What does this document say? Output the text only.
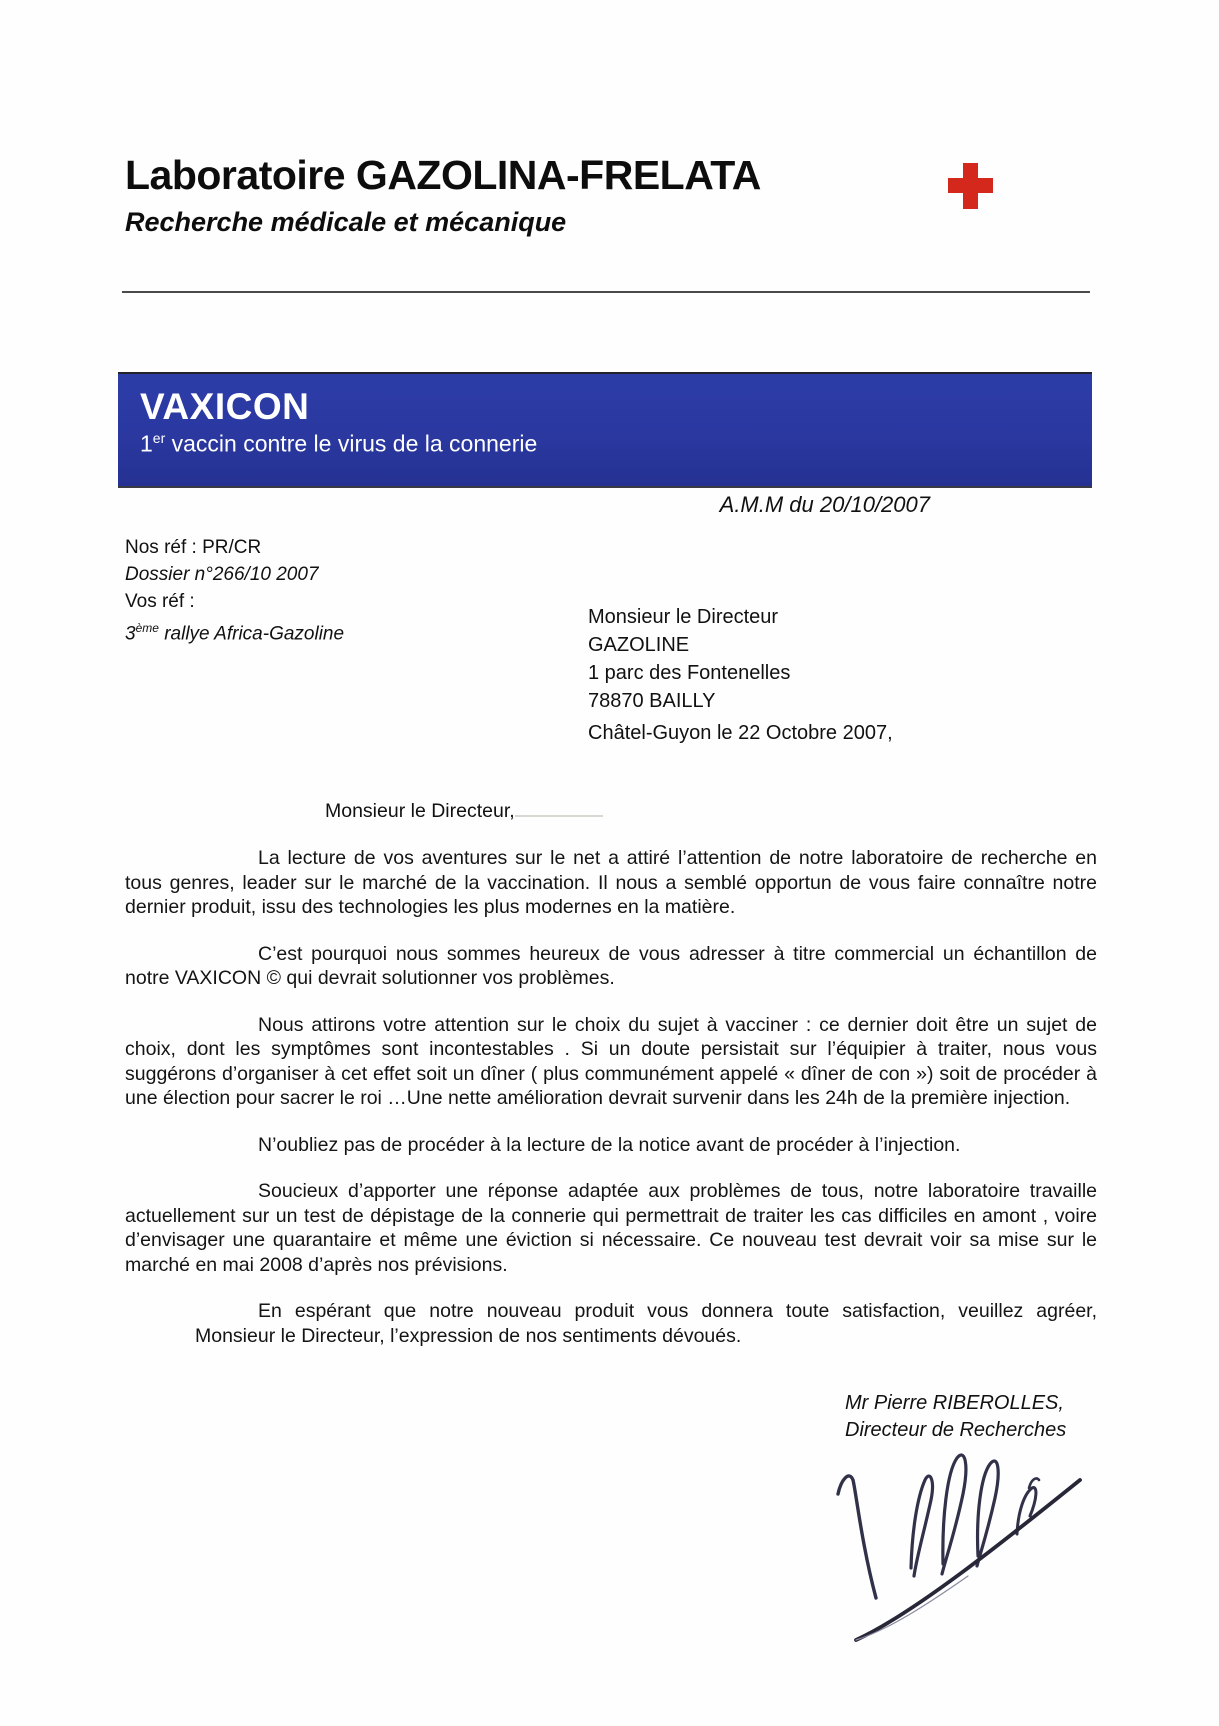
Laboratoire GAZOLINA-FRELATA
Recherche médicale et mécanique
VAXICON
1er vaccin contre le virus de la connerie
A.M.M du 20/10/2007
Nos réf : PR/CR
Dossier n°266/10 2007
Vos réf :
3ème rallye Africa-Gazoline
Monsieur le Directeur
GAZOLINE
1 parc des Fontenelles
78870 BAILLY
Châtel-Guyon le 22 Octobre 2007,
Monsieur le Directeur,

La lecture de vos aventures sur le net a attiré l’attention de notre laboratoire de recherche en tous genres, leader sur le marché de la vaccination. Il nous a semblé opportun de vous faire connaître notre dernier produit, issu des technologies les plus modernes en la matière.

C’est pourquoi nous sommes heureux de vous adresser à titre commercial un échantillon de notre VAXICON © qui devrait solutionner vos problèmes.

Nous attirons votre attention sur le choix du sujet à vacciner : ce dernier doit être un sujet de choix, dont les symptômes sont incontestables . Si un doute persistait sur l’équipier à traiter, nous vous suggérons d’organiser à cet effet soit un dîner ( plus communément appelé « dîner de con ») soit de procéder à une élection pour sacrer le roi …Une nette amélioration devrait survenir dans les 24h de la première injection.

N’oubliez pas de procéder à la lecture de la notice avant de procéder à l’injection.

Soucieux d’apporter une réponse adaptée aux problèmes de tous, notre laboratoire travaille actuellement sur un test de dépistage de la connerie qui permettrait de traiter les cas difficiles en amont , voire d’envisager une quarantaire et même une éviction si nécessaire. Ce nouveau test devrait voir sa mise sur le marché en mai 2008 d’après nos prévisions.

En espérant que notre nouveau produit vous donnera toute satisfaction, veuillez agréer, Monsieur le Directeur, l’expression de nos sentiments dévoués.

Mr Pierre RIBEROLLES,
Directeur de Recherches
